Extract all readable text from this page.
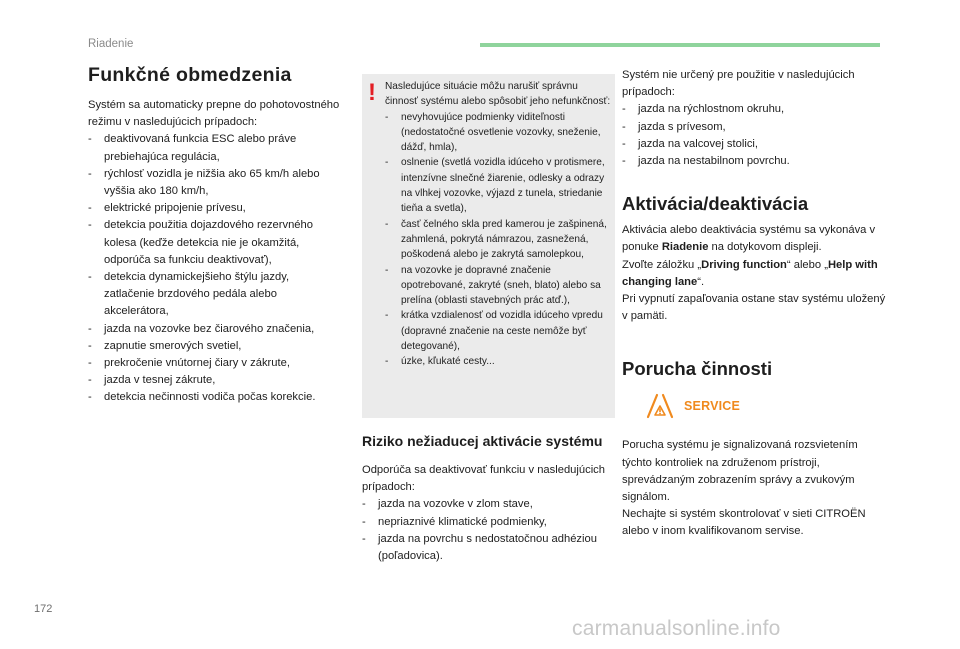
Riadenie
Funkčné obmedzenia

Systém sa automaticky prepne do pohotovostného režimu v nasledujúcich prípadoch:

- deaktivovaná funkcia ESC alebo práve prebiehajúca regulácia,
- rýchlosť vozidla je nižšia ako 65 km/h alebo vyššia ako 180 km/h,
- elektrické pripojenie prívesu,
- detekcia použitia dojazdového rezervného kolesa (keďže detekcia nie je okamžitá, odporúča sa funkciu deaktivovať),
- detekcia dynamickejšieho štýlu jazdy, zatlačenie brzdového pedála alebo akcelerátora,
- jazda na vozovke bez čiarového značenia,
- zapnutie smerových svetiel,
- prekročenie vnútornej čiary v zákrute,
- jazda v tesnej zákrute,
- detekcia nečinnosti vodiča počas korekcie.
! Nasledujúce situácie môžu narušiť správnu činnosť systému alebo spôsobiť jeho nefunkčnosť:

- nevyhovujúce podmienky viditeľnosti (nedostatočné osvetlenie vozovky, sneženie, dážď, hmla),
- oslnenie (svetlá vozidla idúceho v protismere, intenzívne slnečné žiarenie, odlesky a odrazy na vlhkej vozovke, výjazd z tunela, striedanie tieňa a svetla),
- časť čelného skla pred kamerou je zašpinená, zahmlená, pokrytá námrazou, zasnežená, poškodená alebo je zakrytá samolepkou,
- na vozovke je dopravné značenie opotrebované, zakryté (sneh, blato) alebo sa prelína (oblasti stavebných prác atď.),
- krátka vzdialenosť od vozidla idúceho vpredu (dopravné značenie na ceste nemôže byť detegované),
- úzke, kľukaté cesty...
Riziko nežiaducej aktivácie systému

Odporúča sa deaktivovať funkciu v nasledujúcich prípadoch:

- jazda na vozovke v zlom stave,
- nepriaznivé klimatické podmienky,
- jazda na povrchu s nedostatočnou adhéziou (poľadovica).

Systém nie určený pre použitie v nasledujúcich prípadoch:

- jazda na rýchlostnom okruhu,
- jazda s prívesom,
- jazda na valcovej stolici,
- jazda na nestabilnom povrchu.
Aktivácia/deaktivácia

Aktivácia alebo deaktivácia systému sa vykonáva v ponuke Riadenie na dotykovom displeji.

Zvoľte záložku „Driving function“ alebo „Help with changing lane“.

Pri vypnutí zapaľovania ostane stav systému uložený v pamäti.

Porucha činnosti
SERVICE

Porucha systému je signalizovaná rozsvietením týchto kontroliek na združenom prístroji, sprevádzaným zobrazením správy a zvukovým signálom.

Nechajte si systém skontrolovať v sieti CITROËN alebo v inom kvalifikovanom servise.

172
carmanualsonline.info
